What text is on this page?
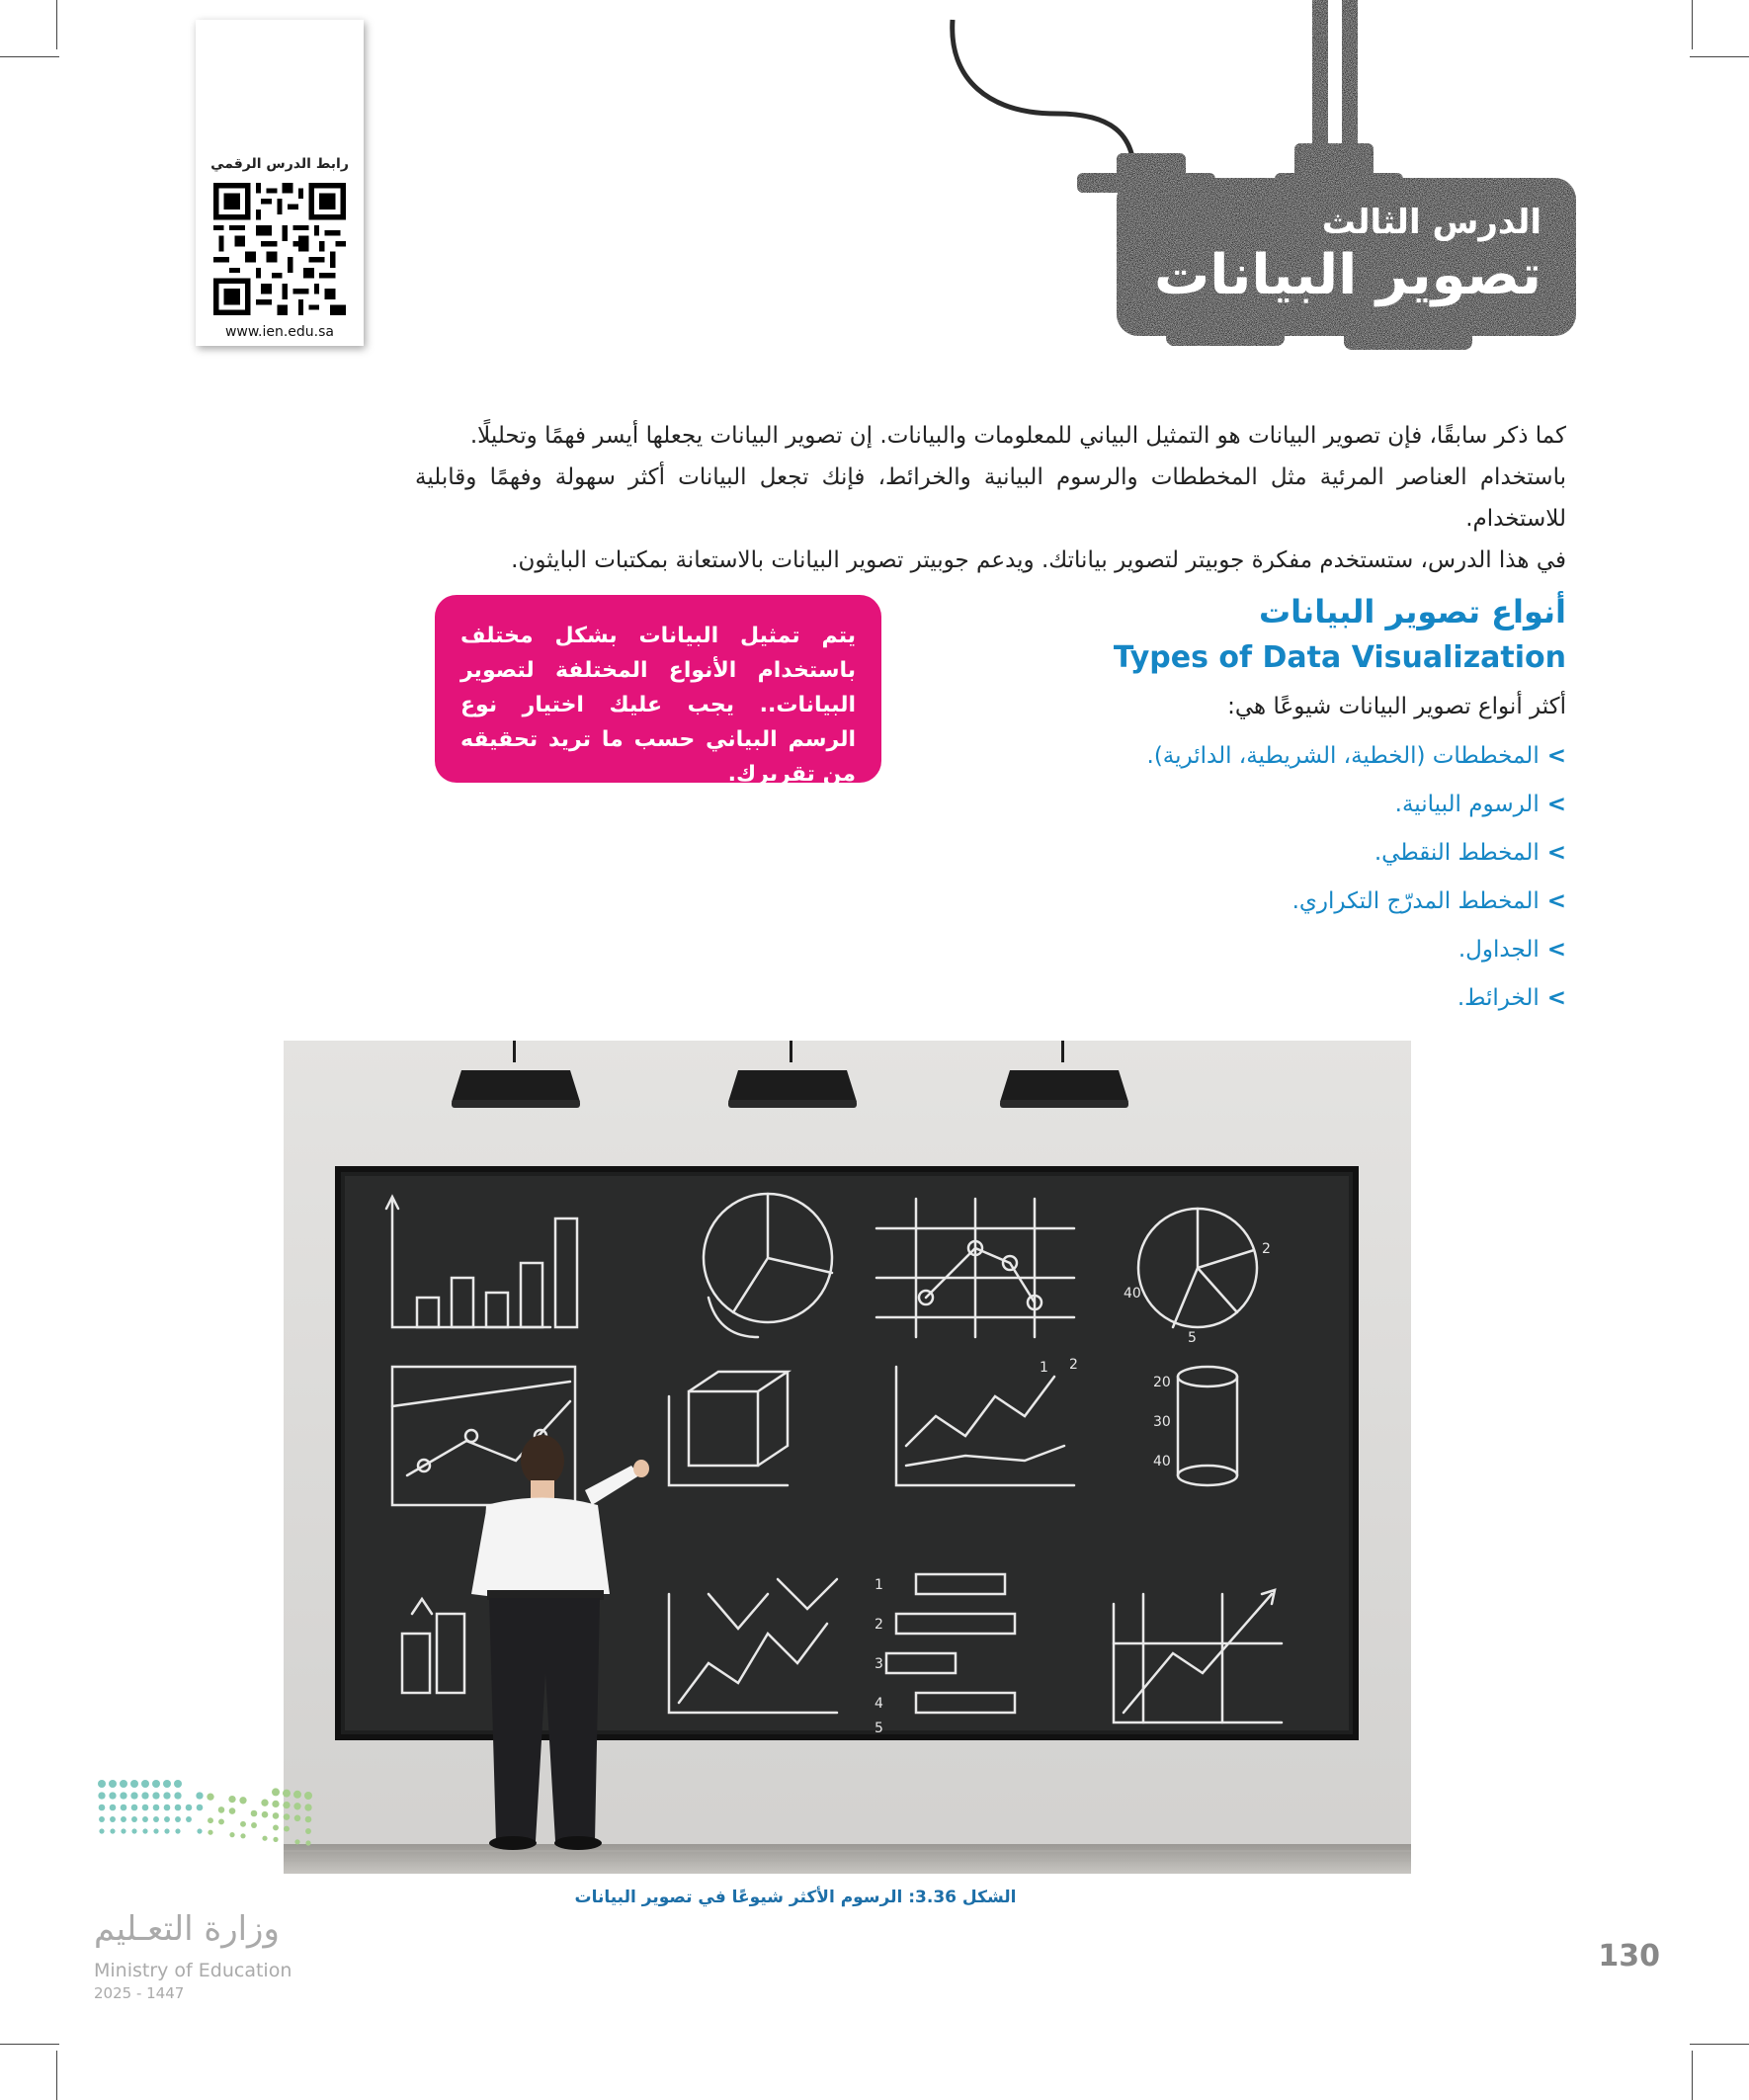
رابط الدرس الرقمي
www.ien.edu.sa
الدرس الثالث
تصوير البيانات

كما ذكر سابقًا، فإن تصوير البيانات هو التمثيل البياني للمعلومات والبيانات. إن تصوير البيانات يجعلها أيسر فهمًا وتحليلًا.

باستخدام العناصر المرئية مثل المخططات والرسوم البيانية والخرائط، فإنك تجعل البيانات أكثر سهولة وفهمًا وقابلية للاستخدام.

في هذا الدرس، ستستخدم مفكرة جوبيتر لتصوير بياناتك. ويدعم جوبيتر تصوير البيانات بالاستعانة بمكتبات البايثون.

يتم تمثيل البيانات بشكل مختلف باستخدام الأنواع المختلفة لتصوير البيانات.. يجب عليك اختيار نوع الرسم البياني حسب ما تريد تحقيقه من تقريرك.
أنواع تصوير البيانات
Types of Data Visualization
أكثر أنواع تصوير البيانات شيوعًا هي:
>المخططات (الخطية، الشريطية، الدائرية).
>الرسوم البيانية.
>المخطط النقطي.
>المخطط المدرّج التكراري.
>الجداول.
>الخرائط.
2
40
5
1 2
20
30
40
1
2
3
4
5
الشكل 3.36: الرسوم الأكثر شيوعًا في تصوير البيانات
130
وزارة التعـليم
Ministry of Education
2025 - 1447
